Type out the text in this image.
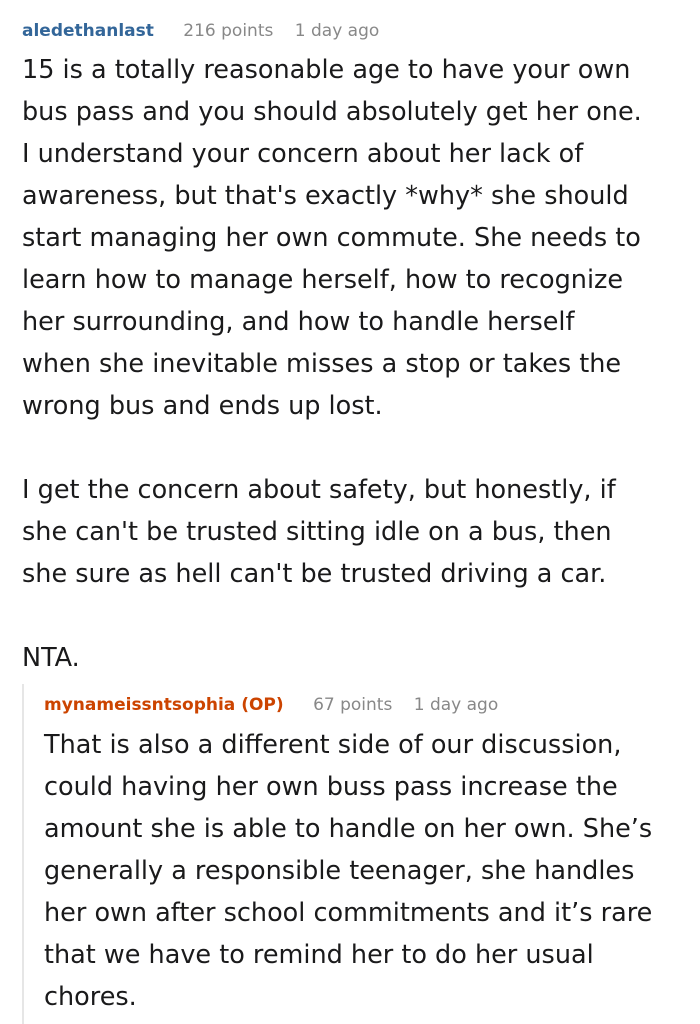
aledethanlast 216 points 1 day ago

15 is a totally reasonable age to have your own

bus pass and you should absolutely get her one.

I understand your concern about her lack of

awareness, but that's exactly *why* she should

start managing her own commute. She needs to

learn how to manage herself, how to recognize

her surrounding, and how to handle herself

when she inevitable misses a stop or takes the

wrong bus and ends up lost.

I get the concern about safety, but honestly, if

she can't be trusted sitting idle on a bus, then

she sure as hell can't be trusted driving a car.

NTA.

mynameissntsophia (OP) 67 points 1 day ago

That is also a different side of our discussion,

could having her own buss pass increase the

amount she is able to handle on her own. She’s

generally a responsible teenager, she handles

her own after school commitments and it’s rare

that we have to remind her to do her usual

chores.
